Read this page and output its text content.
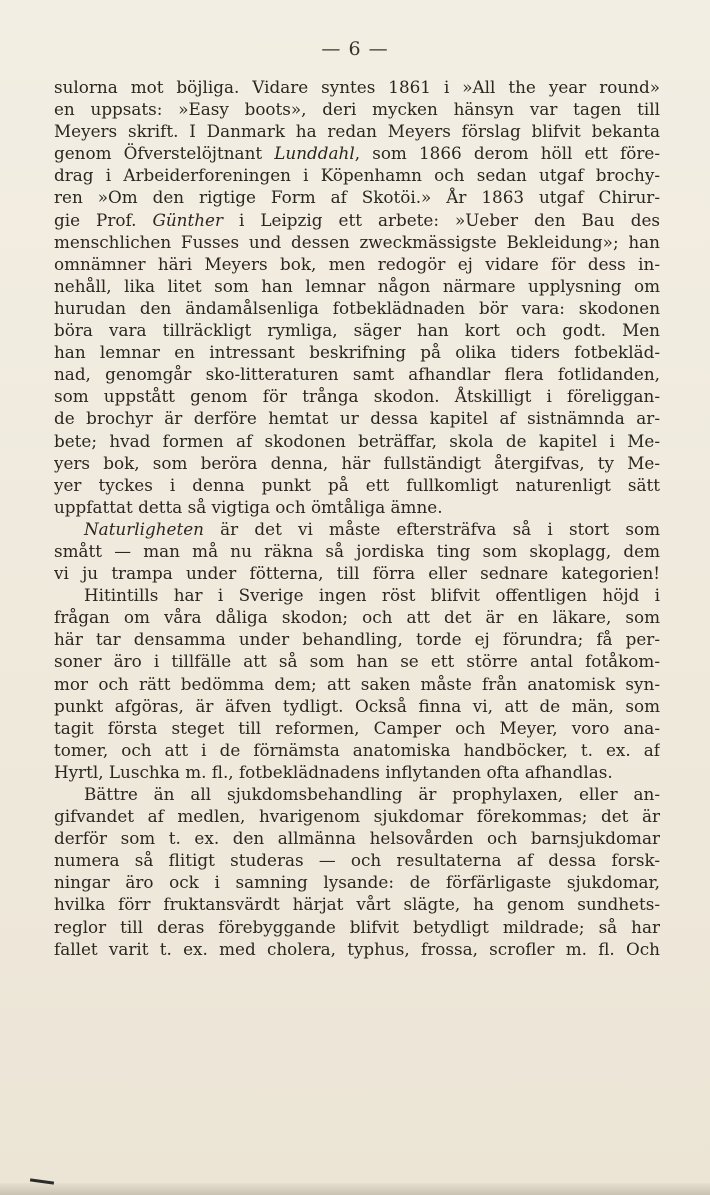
— 6 —
sulorna mot böjliga. Vidare syntes 1861 i »All the year round»
en uppsats: »Easy boots», deri mycken hänsyn var tagen till
Meyers skrift. I Danmark ha redan Meyers förslag blifvit bekanta
genom Öfverstelöjtnant Lunddahl, som 1866 derom höll ett före-
drag i Arbeiderforeningen i Köpenhamn och sedan utgaf brochy-
ren »Om den rigtige Form af Skotöi.» År 1863 utgaf Chirur-
gie Prof. Günther i Leipzig ett arbete: »Ueber den Bau des
menschlichen Fusses und dessen zweckmässigste Bekleidung»; han
omnämner häri Meyers bok, men redogör ej vidare för dess in-
nehåll, lika litet som han lemnar någon närmare upplysning om
hurudan den ändamålsenliga fotbeklädnaden bör vara: skodonen
böra vara tillräckligt rymliga, säger han kort och godt. Men
han lemnar en intressant beskrifning på olika tiders fotbekläd-
nad, genomgår sko-litteraturen samt afhandlar flera fotlidanden,
som uppstått genom för trånga skodon. Åtskilligt i föreliggan-
de brochyr är derföre hemtat ur dessa kapitel af sistnämnda ar-
bete; hvad formen af skodonen beträffar, skola de kapitel i Me-
yers bok, som beröra denna, här fullständigt återgifvas, ty Me-
yer tyckes i denna punkt på ett fullkomligt naturenligt sätt
uppfattat detta så vigtiga och ömtåliga ämne.
Naturligheten är det vi måste eftersträfva så i stort som
smått — man må nu räkna så jordiska ting som skoplagg, dem
vi ju trampa under fötterna, till förra eller sednare kategorien!
Hitintills har i Sverige ingen röst blifvit offentligen höjd i
frågan om våra dåliga skodon; och att det är en läkare, som
här tar densamma under behandling, torde ej förundra; få per-
soner äro i tillfälle att så som han se ett större antal fotåkom-
mor och rätt bedömma dem; att saken måste från anatomisk syn-
punkt afgöras, är äfven tydligt. Också finna vi, att de män, som
tagit första steget till reformen, Camper och Meyer, voro ana-
tomer, och att i de förnämsta anatomiska handböcker, t. ex. af
Hyrtl, Luschka m. fl., fotbeklädnadens inflytanden ofta afhandlas.
Bättre än all sjukdomsbehandling är prophylaxen, eller an-
gifvandet af medlen, hvarigenom sjukdomar förekommas; det är
derför som t. ex. den allmänna helsovården och barnsjukdomar
numera så flitigt studeras — och resultaterna af dessa forsk-
ningar äro ock i samning lysande: de förfärligaste sjukdomar,
hvilka förr fruktansvärdt härjat vårt slägte, ha genom sundhets-
reglor till deras förebyggande blifvit betydligt mildrade; så har
fallet varit t. ex. med cholera, typhus, frossa, scrofler m. fl. Och
